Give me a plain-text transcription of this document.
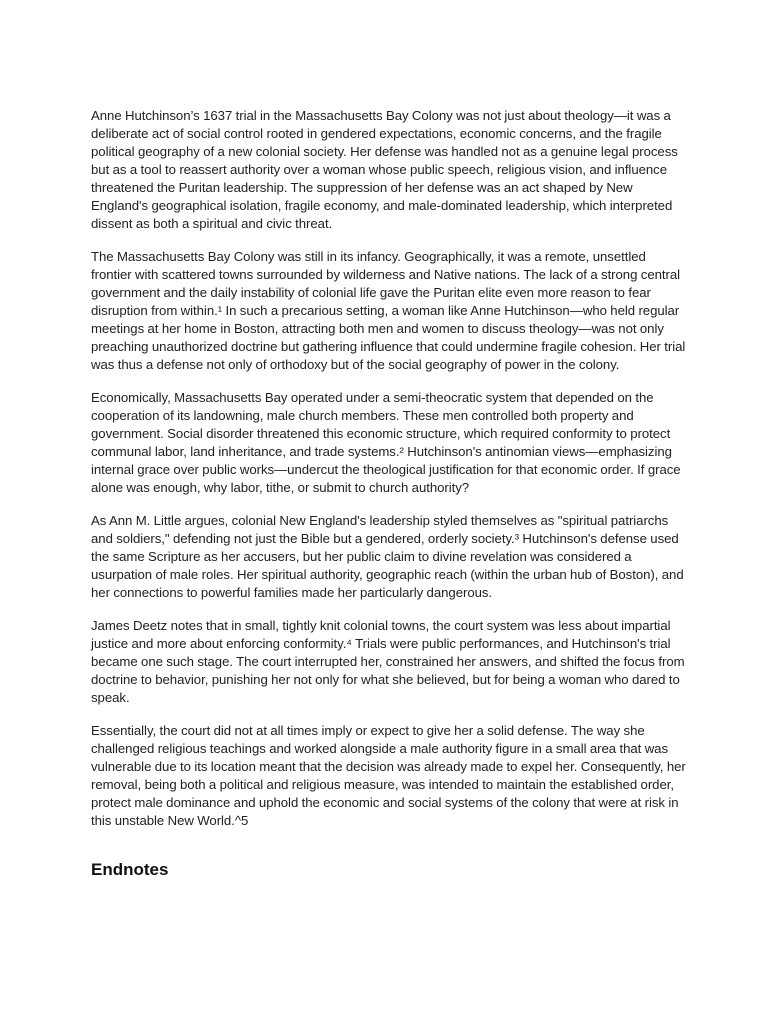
Anne Hutchinson’s 1637 trial in the Massachusetts Bay Colony was not just about theology—it was a deliberate act of social control rooted in gendered expectations, economic concerns, and the fragile political geography of a new colonial society. Her defense was handled not as a genuine legal process but as a tool to reassert authority over a woman whose public speech, religious vision, and influence threatened the Puritan leadership. The suppression of her defense was an act shaped by New England's geographical isolation, fragile economy, and male-dominated leadership, which interpreted dissent as both a spiritual and civic threat.

The Massachusetts Bay Colony was still in its infancy. Geographically, it was a remote, unsettled frontier with scattered towns surrounded by wilderness and Native nations. The lack of a strong central government and the daily instability of colonial life gave the Puritan elite even more reason to fear disruption from within.¹ In such a precarious setting, a woman like Anne Hutchinson—who held regular meetings at her home in Boston, attracting both men and women to discuss theology—was not only preaching unauthorized doctrine but gathering influence that could undermine fragile cohesion. Her trial was thus a defense not only of orthodoxy but of the social geography of power in the colony.

Economically, Massachusetts Bay operated under a semi-theocratic system that depended on the cooperation of its landowning, male church members. These men controlled both property and government. Social disorder threatened this economic structure, which required conformity to protect communal labor, land inheritance, and trade systems.² Hutchinson's antinomian views—emphasizing internal grace over public works—undercut the theological justification for that economic order. If grace alone was enough, why labor, tithe, or submit to church authority?

As Ann M. Little argues, colonial New England's leadership styled themselves as "spiritual patriarchs and soldiers," defending not just the Bible but a gendered, orderly society.³ Hutchinson's defense used the same Scripture as her accusers, but her public claim to divine revelation was considered a usurpation of male roles. Her spiritual authority, geographic reach (within the urban hub of Boston), and her connections to powerful families made her particularly dangerous.

James Deetz notes that in small, tightly knit colonial towns, the court system was less about impartial justice and more about enforcing conformity.⁴ Trials were public performances, and Hutchinson's trial became one such stage. The court interrupted her, constrained her answers, and shifted the focus from doctrine to behavior, punishing her not only for what she believed, but for being a woman who dared to speak.

Essentially, the court did not at all times imply or expect to give her a solid defense. The way she challenged religious teachings and worked alongside a male authority figure in a small area that was vulnerable due to its location meant that the decision was already made to expel her. Consequently, her removal, being both a political and religious measure, was intended to maintain the established order, protect male dominance and uphold the economic and social systems of the colony that were at risk in this unstable New World.^5

Endnotes
